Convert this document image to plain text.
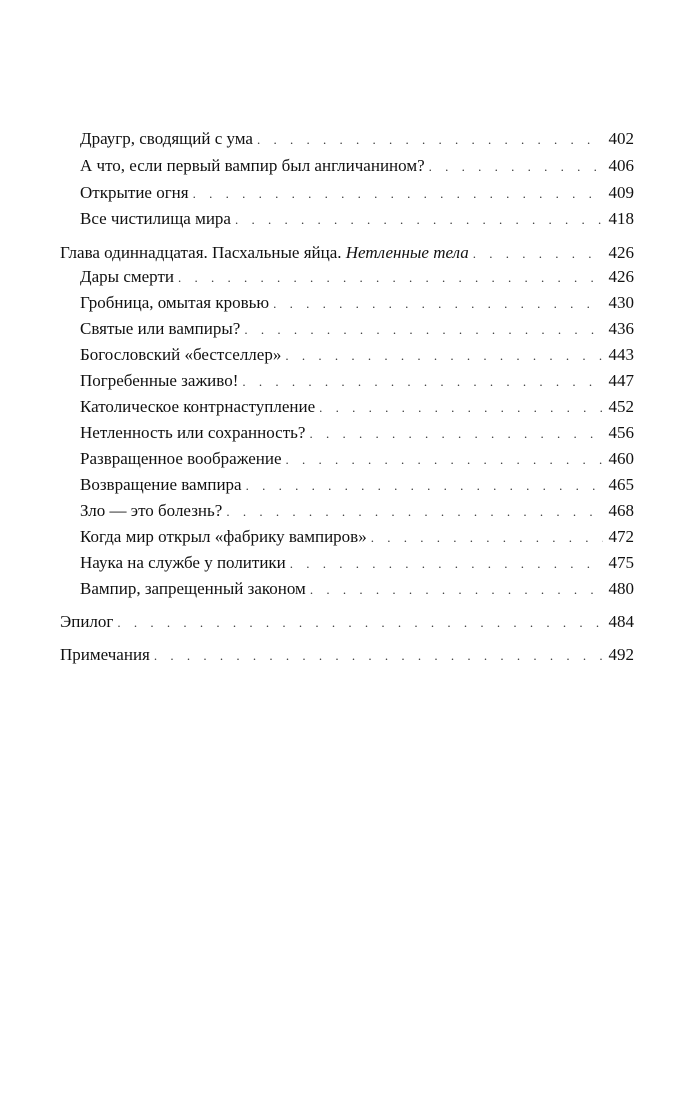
Драугр, сводящий с ума . . .	402
А что, если первый вампир был англичанином? . . .	406
Открытие огня . . .	409
Все чистилища мира . . .	418
Глава одиннадцатая. Пасхальные яйца. Нетленные тела . . .	426
Дары смерти . . .	426
Гробница, омытая кровью . . .	430
Святые или вампиры? . . .	436
Богословский «бестселлер» . . .	443
Погребенные заживо! . . .	447
Католическое контрнаступление . . .	452
Нетленность или сохранность? . . .	456
Развращенное воображение . . .	460
Возвращение вампира . . .	465
Зло — это болезнь? . . .	468
Когда мир открыл «фабрику вампиров» . . .	472
Наука на службе у политики . . .	475
Вампир, запрещенный законом . . .	480
Эпилог . . .	484
Примечания . . .	492
